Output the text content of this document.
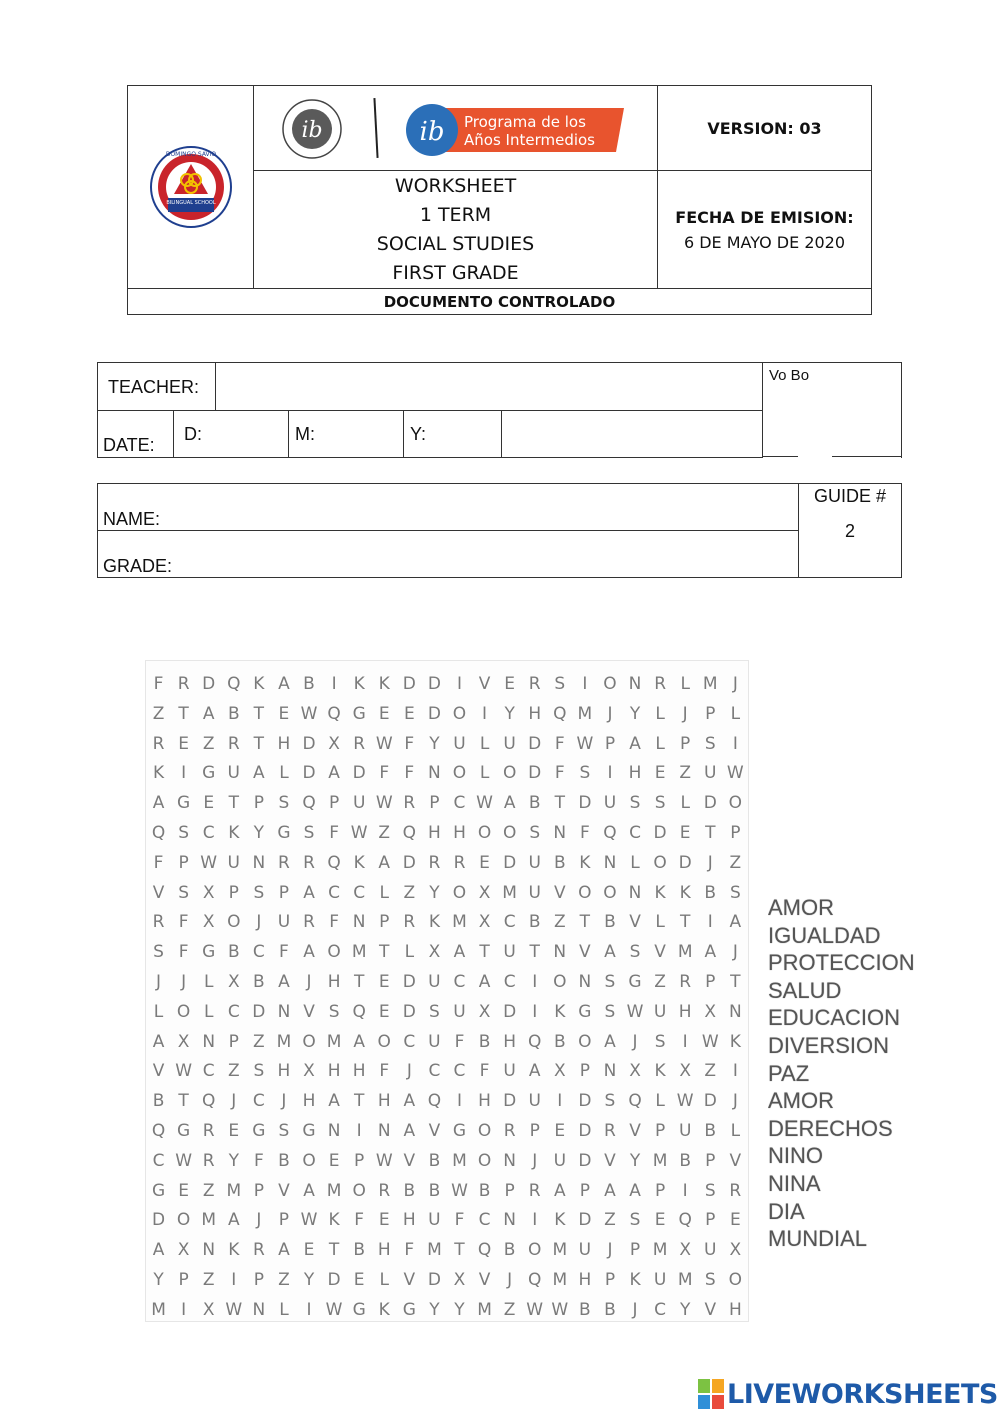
BILINGUAL SCHOOL
DOMINGO SAVIO
ib	ib Programa de los
Años Intermedios
VERSION: 03
WORKSHEET
1 TERM
SOCIAL STUDIES
FIRST GRADE
FECHA DE EMISION:
6 DE MAYO DE 2020
DOCUMENTO CONTROLADO
TEACHER:
Vo Bo
DATE:
D:	M:	Y:
NAME:
GRADE:
GUIDE #
2
F R D Q K A B I K K D D I V E R S	I O N R L M J
Z T A B T E W Q G E E D O I	Y H Q M J	Y L	J	P L
R E Z R T H D X R W F Y U L U D F W P A L P S	I
K	I G U A L D A D F F N O L O D F S	I H E Z U W
A G E T P S Q P U W R P C W A B T D U S S L D O
Q S C K Y G S F W Z Q H H O O S N F Q C D E T P
F P W U N R R Q K A D R R E D U B K N L O D J Z
V S X P S P A C C L Z Y O X M U V O O N K K B S
R F X O J U R F N P R K M X C B Z T B V L T	I A
S F G B C F A O M T L X A T U T N V A S V M A J
J	J	L X B A J H T E D U C A C I O N S G Z R P T
L O L C D N V S Q E D S U X D I K G S W U H X N
A X N P Z M O M A O C U F B H Q B O A J	S	I W K
V W C Z S H X H H F	J C C F U A X P N X K X Z I
B T Q J C J H A T H A Q I H D U I D S Q L W D J
Q G R E G S G N I N A V G O R P E D R V P U B L
C W R Y F B O E P W V B M O N J U D V Y M B P V
G E Z M P V A M O R B B W B P R A P A A P	I	S R
D O M A J	P W K F E H U F C N I K D Z S E Q P E
A X N K R A E T B H F M T Q B O M U J	P M X U X
Y P Z I	P Z Y D E L V D X V J Q M H P K U M S O
M I X W N L	I W G K G Y Y M Z W W B B J C Y V H
AMOR
IGUALDAD
PROTECCION
SALUD
EDUCACION
DIVERSION
PAZ
AMOR
DERECHOS
NINO
NINA
DIA
MUNDIAL
LIVEWORKSHEETS
